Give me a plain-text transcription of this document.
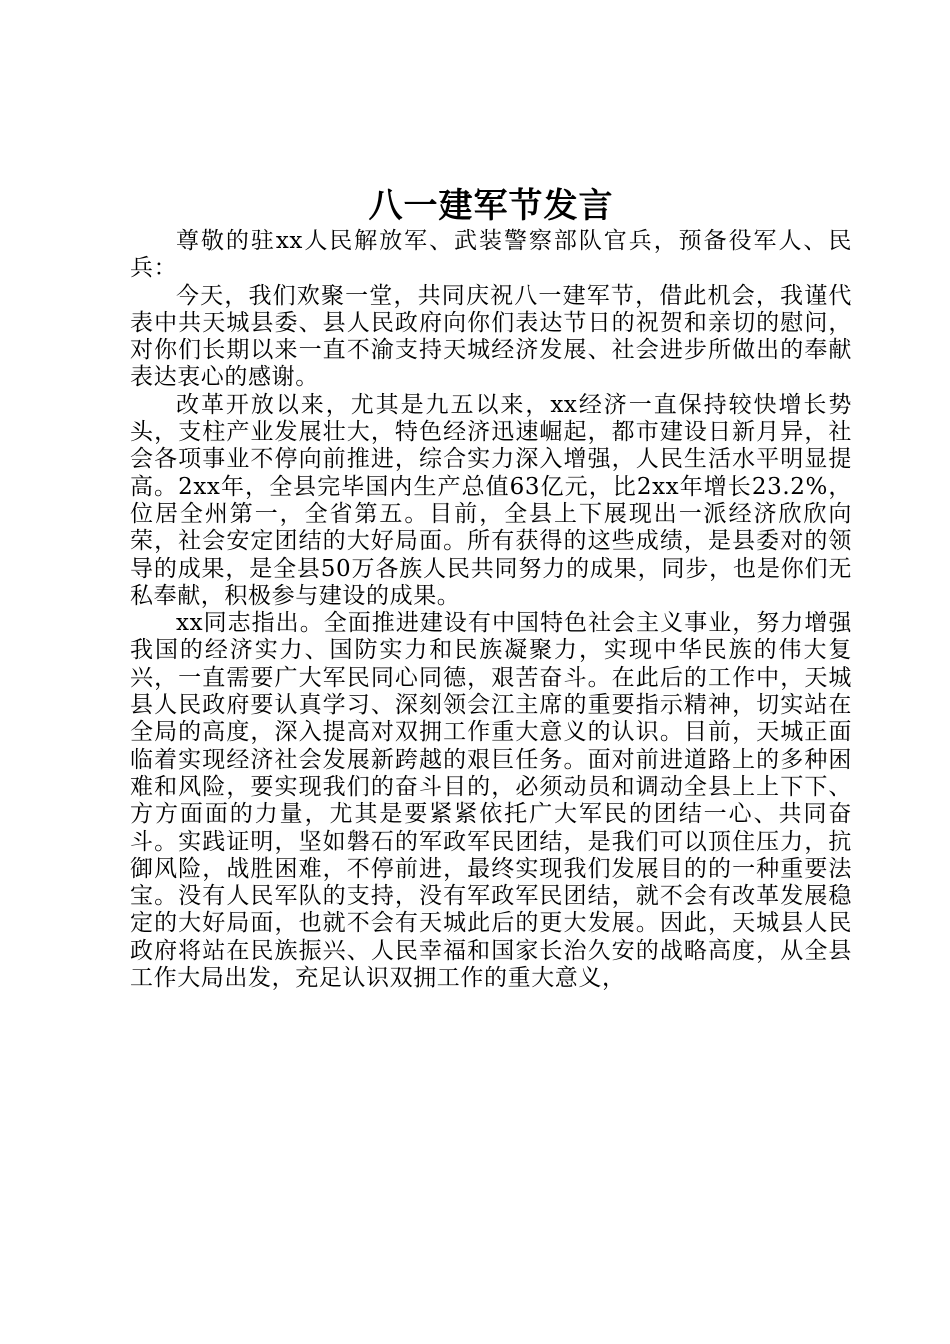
八一建军节发言

尊敬的驻xx人民解放军、武装警察部队官兵，预备役军人、民兵：

今天，我们欢聚一堂，共同庆祝八一建军节，借此机会，我谨代表中共天城县委、县人民政府向你们表达节日的祝贺和亲切的慰问，对你们长期以来一直不渝支持天城经济发展、社会进步所做出的奉献表达衷心的感谢。

改革开放以来，尤其是九五以来，xx经济一直保持较快增长势头，支柱产业发展壮大，特色经济迅速崛起，都市建设日新月异，社会各项事业不停向前推进，综合实力深入增强，人民生活水平明显提高。2xx年，全县完毕国内生产总值63亿元，比2xx年增长23.2%，位居全州第一，全省第五。目前，全县上下展现出一派经济欣欣向荣，社会安定团结的大好局面。所有获得的这些成绩，是县委对的领导的成果，是全县50万各族人民共同努力的成果，同步，也是你们无私奉献，积极参与建设的成果。

xx同志指出。全面推进建设有中国特色社会主义事业，努力增强我国的经济实力、国防实力和民族凝聚力，实现中华民族的伟大复兴，一直需要广大军民同心同德，艰苦奋斗。在此后的工作中，天城县人民政府要认真学习、深刻领会江主席的重要指示精神，切实站在全局的高度，深入提高对双拥工作重大意义的认识。目前，天城正面临着实现经济社会发展新跨越的艰巨任务。面对前进道路上的多种困难和风险，要实现我们的奋斗目的，必须动员和调动全县上上下下、方方面面的力量，尤其是要紧紧依托广大军民的团结一心、共同奋斗。实践证明，坚如磐石的军政军民团结，是我们可以顶住压力，抗御风险，战胜困难，不停前进，最终实现我们发展目的的一种重要法宝。没有人民军队的支持，没有军政军民团结，就不会有改革发展稳定的大好局面，也就不会有天城此后的更大发展。因此，天城县人民政府将站在民族振兴、人民幸福和国家长治久安的战略高度，从全县工作大局出发，充足认识双拥工作的重大意义，
